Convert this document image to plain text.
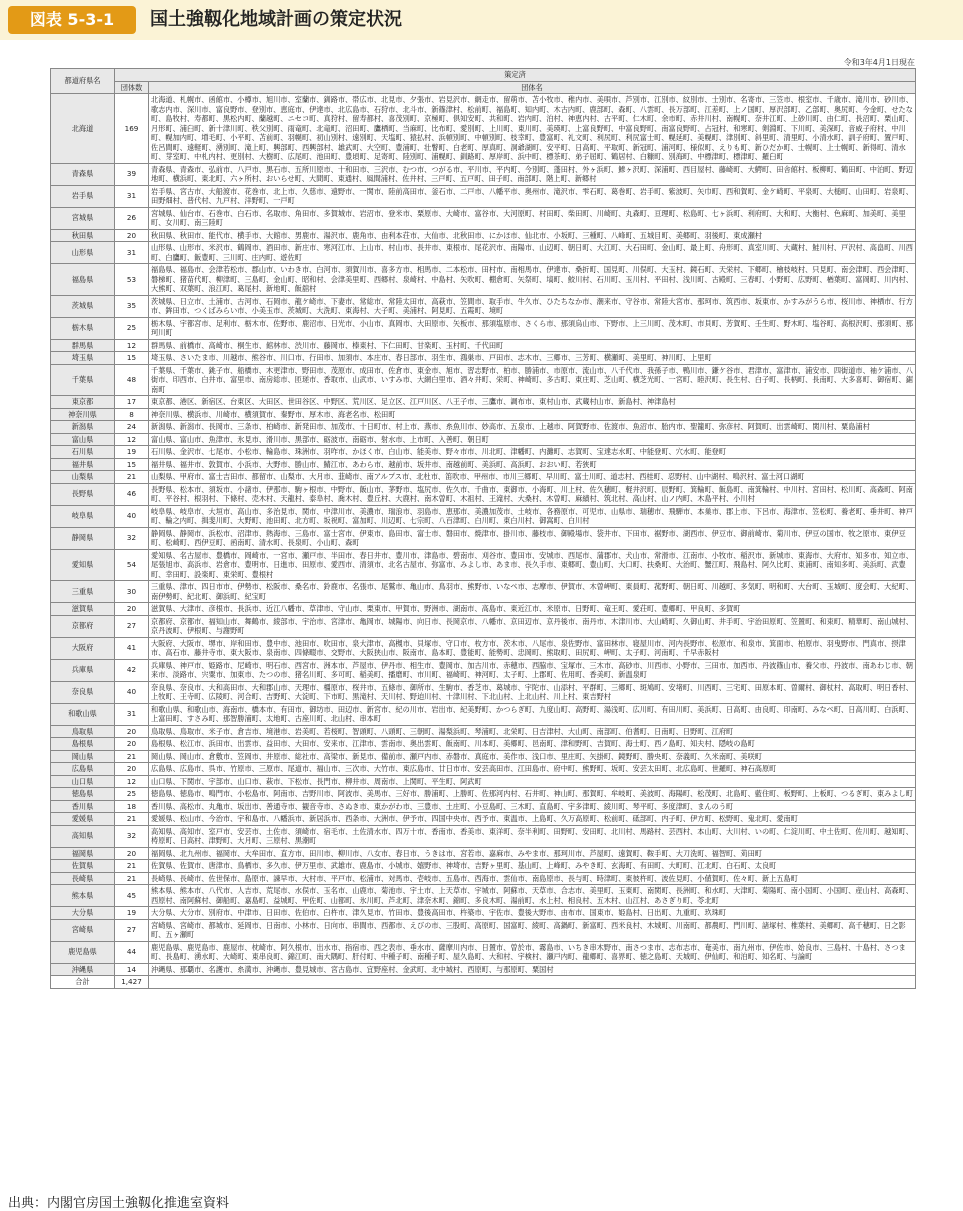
図表 5-3-1	国土強靱化地域計画の策定状況
令和3年4月1日現在
都道府県名	策定済	
	団体数	団体名
北海道	169	北海道、札幌市、函館市、小樽市、旭川市、室蘭市、釧路市、帯広市、北見市、夕張市、岩見沢市、網走市、留萌市、苫小牧市、稚内市、美唄市、芦別市、江別市、紋別市、士別市、名寄市、三笠市、根室市、千歳市、滝川市、砂川市、歌志内市、深川市、富良野市、登別市、恵庭市、伊達市、北広島市、石狩市、北斗市、新篠津村、松前町、福島町、知内町、木古内町、鹿部町、森町、八雲町、長万部町、江差町、上ノ国町、厚沢部町、乙部町、奥尻町、今金町、せたな町、島牧村、寿都町、黒松内町、蘭越町、ニセコ町、真狩村、留寿都村、喜茂別町、京極町、倶知安町、共和町、岩内町、泊村、神恵内村、古平町、仁木町、余市町、赤井川村、南幌町、奈井江町、上砂川町、由仁町、長沼町、栗山町、月形町、浦臼町、新十津川町、秩父別町、雨竜町、北竜町、沼田町、鷹栖町、当麻町、比布町、愛別町、上川町、東川町、美瑛町、上富良野町、中富良野町、南富良野町、占冠村、和寒町、剣淵町、下川町、美深町、音威子府村、中川町、幌加内町、増毛町、小平町、苫前町、羽幌町、初山別村、遠別町、天塩町、猿払村、浜頓別町、中頓別町、枝幸町、豊富町、礼文町、利尻町、利尻富士町、幌延町、美幌町、津別町、斜里町、清里町、小清水町、訓子府町、置戸町、佐呂間町、遠軽町、湧別町、滝上町、興部町、西興部村、雄武町、大空町、豊浦町、壮瞥町、白老町、厚真町、洞爺湖町、安平町、日高町、平取町、新冠町、浦河町、様似町、えりも町、新ひだか町、士幌町、上士幌町、新得町、清水町、芽室町、中札内村、更別村、大樹町、広尾町、池田町、豊頃町、足寄町、陸別町、浦幌町、釧路町、厚岸町、浜中町、標茶町、弟子屈町、鶴居村、白糠町、別海町、中標津町、標津町、羅臼町
青森県	39	青森県、青森市、弘前市、八戸市、黒石市、五所川原市、十和田市、三沢市、むつ市、つがる市、平川市、平内町、今別町、蓬田村、外ヶ浜町、鰺ヶ沢町、深浦町、西目屋村、藤崎町、大鰐町、田舎館村、板柳町、鶴田町、中泊町、野辺地町、横浜町、東北町、六ヶ所村、おいらせ町、大間町、東通村、風間浦村、佐井村、三戸町、五戸町、田子町、南部町、階上町、新郷村
岩手県	31	岩手県、宮古市、大船渡市、花巻市、北上市、久慈市、遠野市、一関市、陸前高田市、釜石市、二戸市、八幡平市、奥州市、滝沢市、雫石町、葛巻町、岩手町、紫波町、矢巾町、西和賀町、金ケ崎町、平泉町、大槌町、山田町、岩泉町、田野畑村、普代村、九戸村、洋野町、一戸町
宮城県	26	宮城県、仙台市、石巻市、白石市、名取市、角田市、多賀城市、岩沼市、登米市、栗原市、大崎市、富谷市、大河原町、村田町、柴田町、川崎町、丸森町、亘理町、松島町、七ヶ浜町、利府町、大和町、大衡村、色麻町、加美町、美里町、女川町、南三陸町
秋田県	20	秋田県、秋田市、能代市、横手市、大館市、男鹿市、湯沢市、鹿角市、由利本荘市、大仙市、北秋田市、にかほ市、仙北市、小坂町、三種町、八峰町、五城目町、美郷町、羽後町、東成瀬村
山形県	31	山形県、山形市、米沢市、鶴岡市、酒田市、新庄市、寒河江市、上山市、村山市、長井市、東根市、尾花沢市、南陽市、山辺町、朝日町、大江町、大石田町、金山町、最上町、舟形町、真室川町、大蔵村、鮭川村、戸沢村、高畠町、川西町、白鷹町、飯豊町、三川町、庄内町、遊佐町
福島県	53	福島県、福島市、会津若松市、郡山市、いわき市、白河市、須賀川市、喜多方市、相馬市、二本松市、田村市、南相馬市、伊達市、桑折町、国見町、川俣町、大玉村、鏡石町、天栄村、下郷町、檜枝岐村、只見町、南会津町、西会津町、磐梯町、猪苗代町、柳津町、三島町、金山町、昭和村、会津美里町、西郷村、泉崎村、中島村、矢吹町、棚倉町、矢祭町、塙町、鮫川村、石川町、玉川村、平田村、浅川町、古殿町、三春町、小野町、広野町、楢葉町、富岡町、川内村、大熊町、双葉町、浪江町、葛尾村、新地町、飯舘村
茨城県	35	茨城県、日立市、土浦市、古河市、石岡市、龍ケ崎市、下妻市、常総市、常陸太田市、高萩市、笠間市、取手市、牛久市、ひたちなか市、潮来市、守谷市、常陸大宮市、那珂市、筑西市、坂東市、かすみがうら市、桜川市、神栖市、行方市、鉾田市、つくばみらい市、小美玉市、茨城町、大洗町、東海村、大子町、美浦村、阿見町、五霞町、境町
栃木県	25	栃木県、宇都宮市、足利市、栃木市、佐野市、鹿沼市、日光市、小山市、真岡市、大田原市、矢板市、那須塩原市、さくら市、那須烏山市、下野市、上三川町、茂木町、市貝町、芳賀町、壬生町、野木町、塩谷町、高根沢町、那須町、那珂川町
群馬県	12	群馬県、前橋市、高崎市、桐生市、館林市、渋川市、藤岡市、榛東村、下仁田町、甘楽町、玉村町、千代田町
埼玉県	15	埼玉県、さいたま市、川越市、熊谷市、川口市、行田市、加須市、本庄市、春日部市、羽生市、鴻巣市、戸田市、志木市、三郷市、三芳町、横瀬町、美里町、神川町、上里町
千葉県	48	千葉県、千葉市、銚子市、船橋市、木更津市、野田市、茂原市、成田市、佐倉市、東金市、旭市、習志野市、柏市、勝浦市、市原市、流山市、八千代市、我孫子市、鴨川市、鎌ケ谷市、君津市、富津市、浦安市、四街道市、袖ケ浦市、八街市、印西市、白井市、富里市、南房総市、匝瑳市、香取市、山武市、いすみ市、大網白里市、酒々井町、栄町、神崎町、多古町、東庄町、芝山町、横芝光町、一宮町、睦沢町、長生村、白子町、長柄町、長南町、大多喜町、御宿町、鋸南町
東京都	17	東京都、港区、新宿区、台東区、大田区、世田谷区、中野区、荒川区、足立区、江戸川区、八王子市、三鷹市、調布市、東村山市、武蔵村山市、新島村、神津島村
神奈川県	8	神奈川県、横浜市、川崎市、横須賀市、秦野市、厚木市、海老名市、松田町
新潟県	24	新潟県、新潟市、長岡市、三条市、柏崎市、新発田市、加茂市、十日町市、村上市、燕市、糸魚川市、妙高市、五泉市、上越市、阿賀野市、佐渡市、魚沼市、胎内市、聖籠町、弥彦村、阿賀町、出雲崎町、関川村、粟島浦村
富山県	12	富山県、富山市、魚津市、氷見市、滑川市、黒部市、砺波市、南砺市、射水市、上市町、入善町、朝日町
石川県	19	石川県、金沢市、七尾市、小松市、輪島市、珠洲市、羽咋市、かほく市、白山市、能美市、野々市市、川北町、津幡町、内灘町、志賀町、宝達志水町、中能登町、穴水町、能登町
福井県	15	福井県、福井市、敦賀市、小浜市、大野市、勝山市、鯖江市、あわら市、越前市、坂井市、南越前町、美浜町、高浜町、おおい町、若狭町
山梨県	21	山梨県、甲府市、富士吉田市、都留市、山梨市、大月市、韮崎市、南アルプス市、北杜市、笛吹市、甲州市、市川三郷町、早川町、富士川町、道志村、西桂町、忍野村、山中湖村、鳴沢村、富士河口湖町
長野県	46	長野県、松本市、須坂市、小諸市、伊那市、駒ヶ根市、中野市、飯山市、茅野市、塩尻市、佐久市、千曲市、東御市、小海町、川上村、佐久穂町、軽井沢町、辰野町、箕輪町、飯島町、南箕輪村、中川村、宮田村、松川町、高森町、阿南町、平谷村、根羽村、下條村、売木村、天龍村、泰阜村、喬木村、豊丘村、大鹿村、南木曽町、木祖村、王滝村、大桑村、木曽町、麻績村、筑北村、高山村、山ノ内町、木島平村、小川村
岐阜県	40	岐阜県、岐阜市、大垣市、高山市、多治見市、関市、中津川市、美濃市、瑞浪市、羽島市、恵那市、美濃加茂市、土岐市、各務原市、可児市、山県市、瑞穂市、飛騨市、本巣市、郡上市、下呂市、海津市、笠松町、養老町、垂井町、神戸町、輪之内町、揖斐川町、大野町、池田町、北方町、坂祝町、富加町、川辺町、七宗町、八百津町、白川町、東白川村、御嵩町、白川村
静岡県	32	静岡県、静岡市、浜松市、沼津市、熱海市、三島市、富士宮市、伊東市、島田市、富士市、磐田市、焼津市、掛川市、藤枝市、御殿場市、袋井市、下田市、裾野市、湖西市、伊豆市、御前崎市、菊川市、伊豆の国市、牧之原市、東伊豆町、松崎町、西伊豆町、函南町、清水町、長泉町、小山町、森町
愛知県	54	愛知県、名古屋市、豊橋市、岡崎市、一宮市、瀬戸市、半田市、春日井市、豊川市、津島市、碧南市、刈谷市、豊田市、安城市、西尾市、蒲郡市、犬山市、常滑市、江南市、小牧市、稲沢市、新城市、東海市、大府市、知多市、知立市、尾張旭市、高浜市、岩倉市、豊明市、日進市、田原市、愛西市、清須市、北名古屋市、弥富市、みよし市、あま市、長久手市、東郷町、豊山町、大口町、扶桑町、大治町、蟹江町、飛島村、阿久比町、東浦町、南知多町、美浜町、武豊町、幸田町、設楽町、東栄町、豊根村
三重県	30	三重県、津市、四日市市、伊勢市、松阪市、桑名市、鈴鹿市、名張市、尾鷲市、亀山市、鳥羽市、熊野市、いなべ市、志摩市、伊賀市、木曽岬町、東員町、菰野町、朝日町、川越町、多気町、明和町、大台町、玉城町、度会町、大紀町、南伊勢町、紀北町、御浜町、紀宝町
滋賀県	20	滋賀県、大津市、彦根市、長浜市、近江八幡市、草津市、守山市、栗東市、甲賀市、野洲市、湖南市、高島市、東近江市、米原市、日野町、竜王町、愛荘町、豊郷町、甲良町、多賀町
京都府	27	京都府、京都市、福知山市、舞鶴市、綾部市、宇治市、宮津市、亀岡市、城陽市、向日市、長岡京市、八幡市、京田辺市、京丹後市、南丹市、木津川市、大山崎町、久御山町、井手町、宇治田原町、笠置町、和束町、精華町、南山城村、京丹波町、伊根町、与謝野町
大阪府	41	大阪府、大阪市、堺市、岸和田市、豊中市、池田市、吹田市、泉大津市、高槻市、貝塚市、守口市、枚方市、茨木市、八尾市、泉佐野市、富田林市、寝屋川市、河内長野市、松原市、和泉市、箕面市、柏原市、羽曳野市、門真市、摂津市、高石市、藤井寺市、東大阪市、泉南市、四條畷市、交野市、大阪狭山市、阪南市、島本町、豊能町、能勢町、忠岡町、熊取町、田尻町、岬町、太子町、河南町、千早赤阪村
兵庫県	42	兵庫県、神戸市、姫路市、尼崎市、明石市、西宮市、洲本市、芦屋市、伊丹市、相生市、豊岡市、加古川市、赤穂市、西脇市、宝塚市、三木市、高砂市、川西市、小野市、三田市、加西市、丹波篠山市、養父市、丹波市、南あわじ市、朝来市、淡路市、宍粟市、加東市、たつの市、猪名川町、多可町、稲美町、播磨町、市川町、福崎町、神河町、太子町、上郡町、佐用町、香美町、新温泉町
奈良県	40	奈良県、奈良市、大和高田市、大和郡山市、天理市、橿原市、桜井市、五條市、御所市、生駒市、香芝市、葛城市、宇陀市、山添村、平群町、三郷町、斑鳩町、安堵町、川西町、三宅町、田原本町、曽爾村、御杖村、高取町、明日香村、上牧町、王寺町、広陵町、河合町、吉野町、大淀町、下市町、黒滝村、天川村、野迫川村、十津川村、下北山村、上北山村、川上村、東吉野村
和歌山県	31	和歌山県、和歌山市、海南市、橋本市、有田市、御坊市、田辺市、新宮市、紀の川市、岩出市、紀美野町、かつらぎ町、九度山町、高野町、湯浅町、広川町、有田川町、美浜町、日高町、由良町、印南町、みなべ町、日高川町、白浜町、上富田町、すさみ町、那智勝浦町、太地町、古座川町、北山村、串本町
鳥取県	20	鳥取県、鳥取市、米子市、倉吉市、境港市、岩美町、若桜町、智頭町、八頭町、三朝町、湯梨浜町、琴浦町、北栄町、日吉津村、大山町、南部町、伯耆町、日南町、日野町、江府町
島根県	20	島根県、松江市、浜田市、出雲市、益田市、大田市、安来市、江津市、雲南市、奥出雲町、飯南町、川本町、美郷町、邑南町、津和野町、吉賀町、海士町、西ノ島町、知夫村、隠岐の島町
岡山県	21	岡山県、岡山市、倉敷市、笠岡市、井原市、総社市、高梁市、新見市、備前市、瀬戸内市、赤磐市、真庭市、美作市、浅口市、里庄町、矢掛町、鏡野町、勝央町、奈義町、久米南町、美咲町
広島県	20	広島県、広島市、呉市、竹原市、三原市、尾道市、福山市、三次市、大竹市、東広島市、廿日市市、安芸高田市、江田島市、府中町、熊野町、坂町、安芸太田町、北広島町、世羅町、神石高原町
山口県	12	山口県、下関市、宇部市、山口市、萩市、下松市、長門市、柳井市、周南市、上関町、平生町、阿武町
徳島県	25	徳島県、徳島市、鳴門市、小松島市、阿南市、吉野川市、阿波市、美馬市、三好市、勝浦町、上勝町、佐那河内村、石井町、神山町、那賀町、牟岐町、美波町、海陽町、松茂町、北島町、藍住町、板野町、上板町、つるぎ町、東みよし町
香川県	18	香川県、高松市、丸亀市、坂出市、善通寺市、観音寺市、さぬき市、東かがわ市、三豊市、土庄町、小豆島町、三木町、直島町、宇多津町、綾川町、琴平町、多度津町、まんのう町
愛媛県	21	愛媛県、松山市、今治市、宇和島市、八幡浜市、新居浜市、西条市、大洲市、伊予市、四国中央市、西予市、東温市、上島町、久万高原町、松前町、砥部町、内子町、伊方町、松野町、鬼北町、愛南町
高知県	32	高知県、高知市、室戸市、安芸市、土佐市、須崎市、宿毛市、土佐清水市、四万十市、香南市、香美市、東洋町、奈半利町、田野町、安田町、北川村、馬路村、芸西村、本山町、大川村、いの町、仁淀川町、中土佐町、佐川町、越知町、梼原町、日高村、津野町、大月町、三原村、黒潮町
福岡県	20	福岡県、北九州市、福岡市、大牟田市、直方市、田川市、柳川市、八女市、春日市、うきは市、宮若市、嘉麻市、みやま市、那珂川市、芦屋町、遠賀町、鞍手町、大刀洗町、福智町、苅田町
佐賀県	21	佐賀県、佐賀市、唐津市、鳥栖市、多久市、伊万里市、武雄市、鹿島市、小城市、嬉野市、神埼市、吉野ヶ里町、基山町、上峰町、みやき町、玄海町、有田町、大町町、江北町、白石町、太良町
長崎県	21	長崎県、長崎市、佐世保市、島原市、諫早市、大村市、平戸市、松浦市、対馬市、壱岐市、五島市、西海市、雲仙市、南島原市、長与町、時津町、東彼杵町、波佐見町、小値賀町、佐々町、新上五島町
熊本県	45	熊本県、熊本市、八代市、人吉市、荒尾市、水俣市、玉名市、山鹿市、菊池市、宇土市、上天草市、宇城市、阿蘇市、天草市、合志市、美里町、玉東町、南関町、長洲町、和水町、大津町、菊陽町、南小国町、小国町、産山村、高森町、西原村、南阿蘇村、御船町、嘉島町、益城町、甲佐町、山都町、氷川町、芦北町、津奈木町、錦町、多良木町、湯前町、水上村、相良村、五木村、山江村、あさぎり町、苓北町
大分県	19	大分県、大分市、別府市、中津市、日田市、佐伯市、臼杵市、津久見市、竹田市、豊後高田市、杵築市、宇佐市、豊後大野市、由布市、国東市、姫島村、日出町、九重町、玖珠町
宮崎県	27	宮崎県、宮崎市、都城市、延岡市、日南市、小林市、日向市、串間市、西都市、えびの市、三股町、高原町、国富町、綾町、高鍋町、新富町、西米良村、木城町、川南町、都農町、門川町、諸塚村、椎葉村、美郷町、高千穂町、日之影町、五ヶ瀬町
鹿児島県	44	鹿児島県、鹿児島市、鹿屋市、枕崎市、阿久根市、出水市、指宿市、西之表市、垂水市、薩摩川内市、日置市、曽於市、霧島市、いちき串木野市、南さつま市、志布志市、奄美市、南九州市、伊佐市、姶良市、三島村、十島村、さつま町、長島町、湧水町、大崎町、東串良町、錦江町、南大隅町、肝付町、中種子町、南種子町、屋久島町、大和村、宇検村、瀬戸内町、龍郷町、喜界町、徳之島町、天城町、伊仙町、和泊町、知名町、与論町
沖縄県	14	沖縄県、那覇市、名護市、糸満市、沖縄市、豊見城市、宮古島市、宜野座村、金武町、北中城村、西原町、与那原町、粟国村
合計	1,427	
出典：内閣官房国土強靱化推進室資料
